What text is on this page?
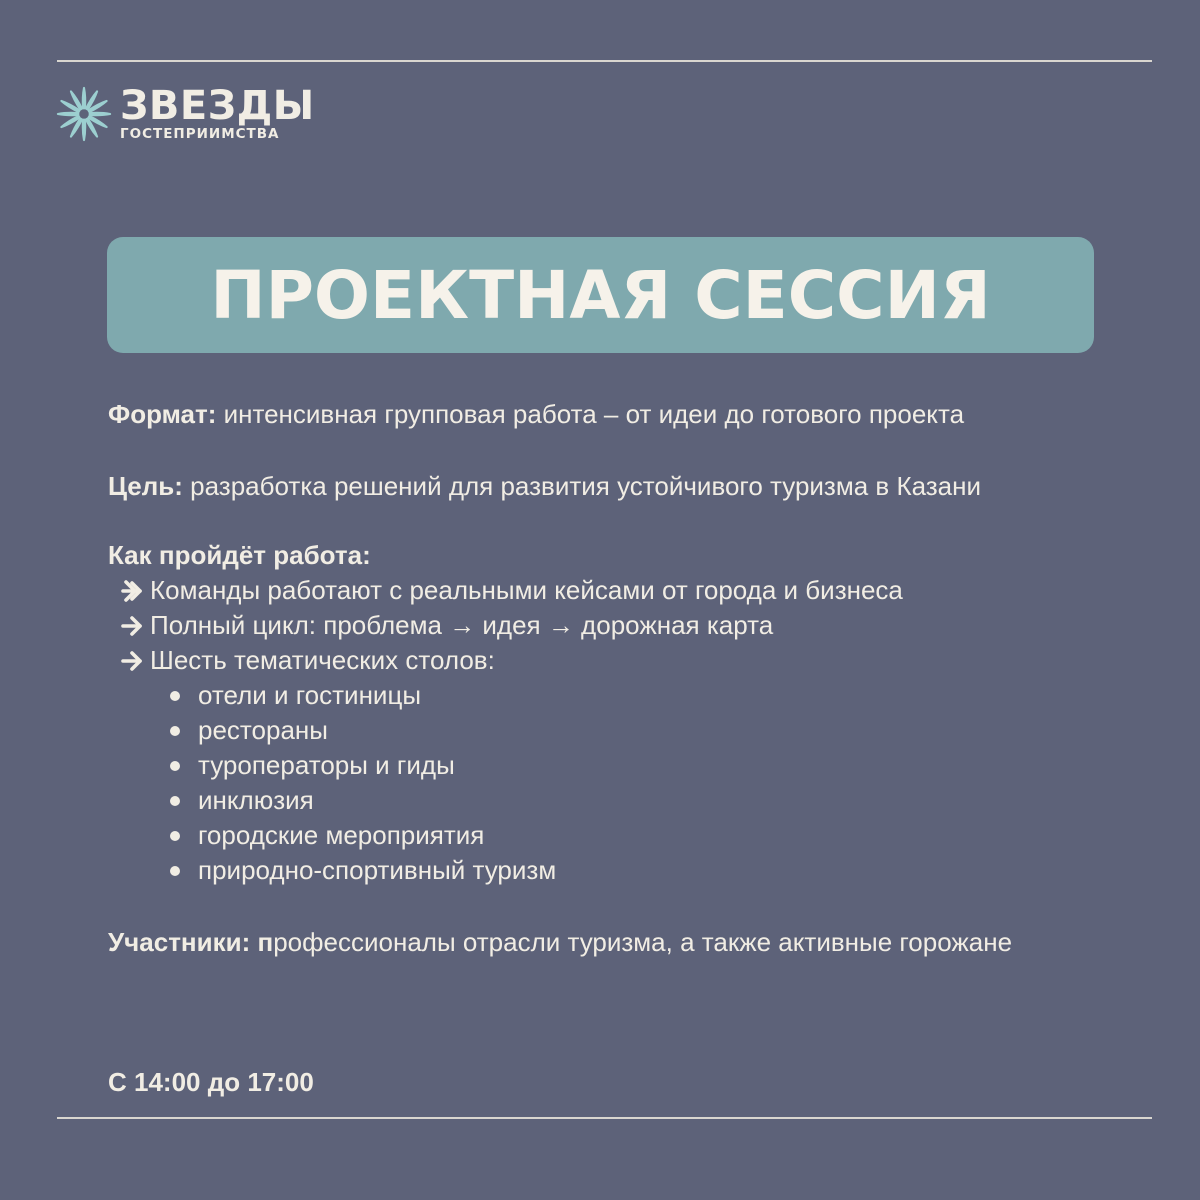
ЗВЕЗДЫ
ГОСТЕПРИИМСТВА
ПРОЕКТНАЯ СЕССИЯ

Формат: интенсивная групповая работа – от идеи до готового проекта

Цель: разработка решений для развития устойчивого туризма в Казани

Как пройдёт работа:

Команды работают с реальными кейсами от города и бизнеса
Полный цикл: проблема → идея → дорожная карта
Шесть тематических столов:
отели и гостиницы
рестораны
туроператоры и гиды
инклюзия
городские мероприятия
природно-спортивный туризм

Участники: профессионалы отрасли туризма, а также активные горожане

С 14:00 до 17:00
